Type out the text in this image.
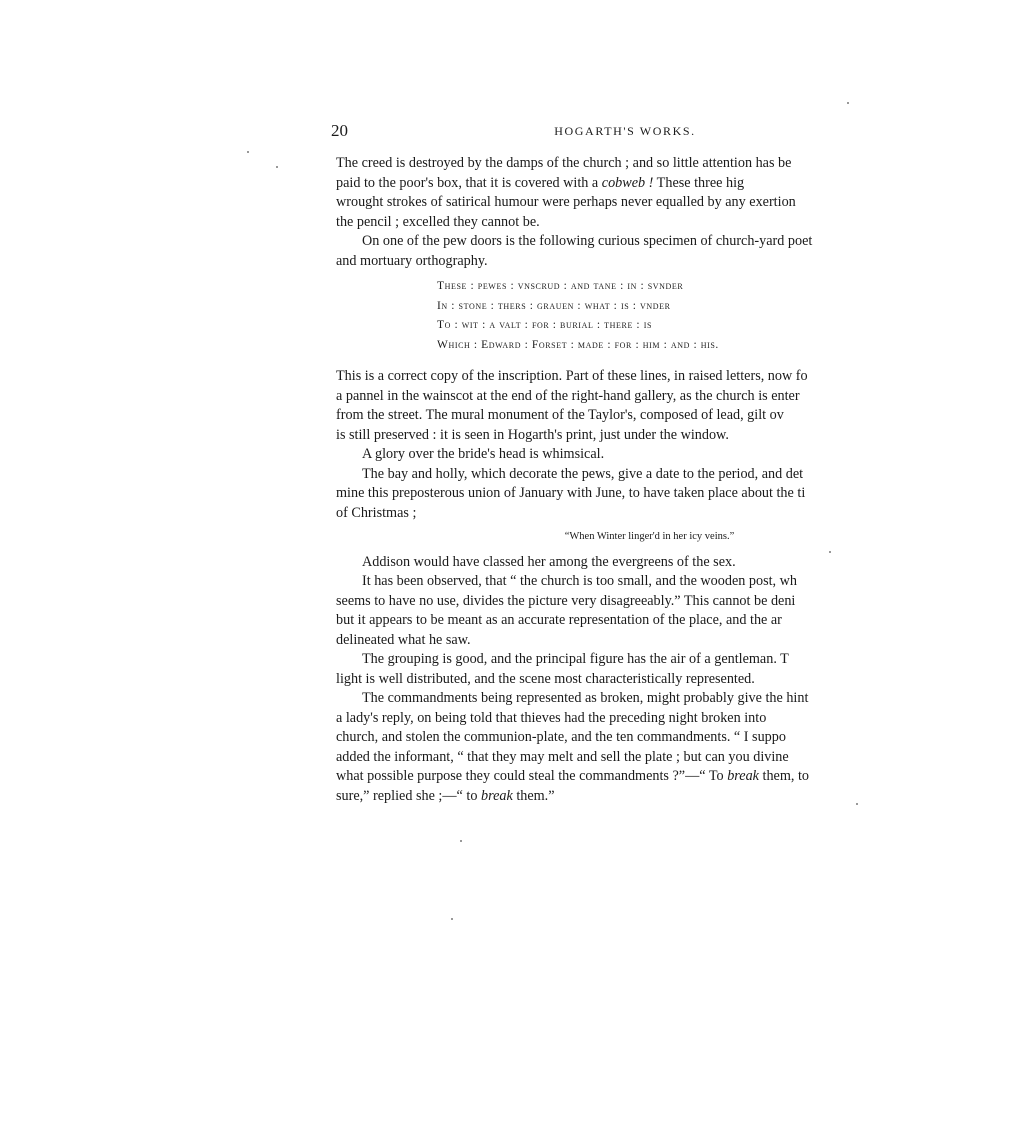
20	HOGARTH'S WORKS.

The creed is destroyed by the damps of the church ; and so little attention has be
paid to the poor's box, that it is covered with a cobweb ! These three hig
wrought strokes of satirical humour were perhaps never equalled by any exertion
the pencil ; excelled they cannot be.

On one of the pew doors is the following curious specimen of church-yard poet
and mortuary orthography.

These : pewes : vnscrud : and tane : in : svnder
In : stone : thers : grauen : what : is : vnder
To : wit : a valt : for : burial : there : is
Which : Edward : Forset : made : for : him : and : his.

This is a correct copy of the inscription. Part of these lines, in raised letters, now fo
a pannel in the wainscot at the end of the right-hand gallery, as the church is enter
from the street. The mural monument of the Taylor's, composed of lead, gilt ov
is still preserved : it is seen in Hogarth's print, just under the window.

A glory over the bride's head is whimsical.

The bay and holly, which decorate the pews, give a date to the period, and det
mine this preposterous union of January with June, to have taken place about the ti
of Christmas ;

“When Winter linger'd in her icy veins.”

Addison would have classed her among the evergreens of the sex.

It has been observed, that “ the church is too small, and the wooden post, wh
seems to have no use, divides the picture very disagreeably.” This cannot be deni
but it appears to be meant as an accurate representation of the place, and the ar
delineated what he saw.

The grouping is good, and the principal figure has the air of a gentleman. T
light is well distributed, and the scene most characteristically represented.

The commandments being represented as broken, might probably give the hint
a lady's reply, on being told that thieves had the preceding night broken into
church, and stolen the communion-plate, and the ten commandments. “ I suppo
added the informant, “ that they may melt and sell the plate ; but can you divine
what possible purpose they could steal the commandments ?”—“ To break them, to
sure,” replied she ;—“ to break them.”
